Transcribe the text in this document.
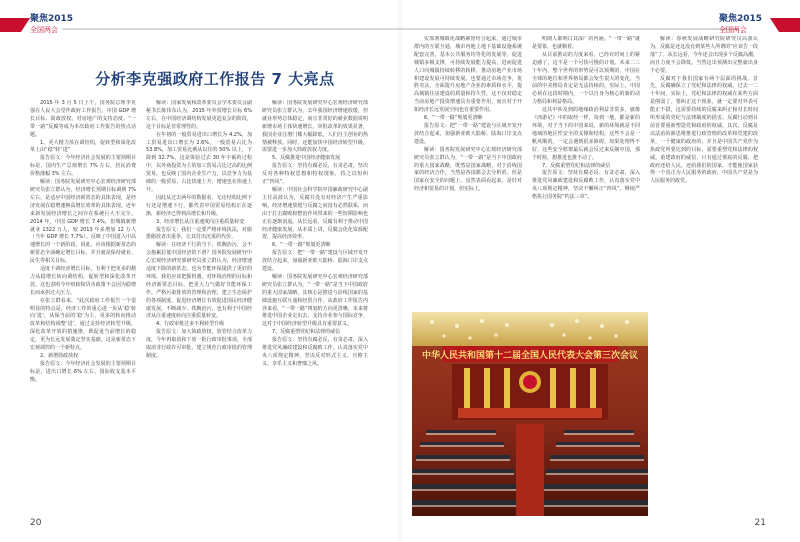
聚焦2015
全国两会
分析李克强政府工作报告 7 大亮点

2015 年 3 月 5 日上午，国务院总理李克强在人民大会堂作政府工作报告，中国 GDP 增长目标、简政放权、对房地产的支持态度、“一带一路”反腐等成为本次政府工作报告的热点话题。

1、更大精力放在调结构，促转型和深化改革上由“稳”转“进”

报告原文：今年经济社会发展的主要预期目标是，国内生产总值增长 7% 左右，居民消费价格涨幅 3% 左右。

解读：国务院发展研究中心宏观经济研究部研究员张立群认为，经济增长预期目标调到 7% 左右，是适应中国经济新常态的具体表现，是经济发展在稳增速换高增长效率的具体表现。近年来新发展经济增长之间存在系统巨大不完全。2014 年，中国 GDP 增长 7.4%，但城镇新增就业 1322 万人，较 2013 年多增加 12 万人（当年 GDP 增长 7.7%）。反映了中国进入中高速增长的一个新阶段。因此，应该根据新常态的新常态全面确定增长目标，并且就是保持就业、民生等相关目标。

适度下调经济增长目标，有利于把更多的精力从稳增长转向调结构，促转型和深化改革开放。这也表明今年财政和货币政策不会因为稳增长而承担过大压力。

在张立群看来，“此次政府工作报告一个很明显的特点是，经济工作的重心进一步从‘稳’转向‘进’，从保当前的‘稳’为主，更多的转向推动改革和结构调整‘进’。通过支持经济转型升级，深化改革开放的措施推，既促进当前增长的稳定，更为长远发展奠定坚实基础。这是新常态下宏观调控的一个新特点。

2、新增简政放权

报告原文：今年经济社会发展的主要预期目标是，进出口增长 6% 左右，国际收支基本平衡。

解读：国家发展和改革委员会学术委员会副秘书长陈伟东认为，2015 年外贸增长目标 6% 左右，在中国经济调结构发展更趋复杂的阶段，这个目标是非常理性的。

在年初的一般贸易进出口增长为 4.2%，加工贸易进出口增长为 2.6%，一般贸易占比为 53.8%，加工贸易比例从以往的 50% 以上，下降到 32.7%。这是体验过去 30 年丰硕的过程中，以外商投资为主的加工贸易占比过高的比例贸易，也反映了国内企业生产力，以竞争力为基础的一般贸易，占比快速上升，增速也在快速上升。

因此从过去两年的数据看，无论结构比例下行还是增速下行，都代表中国贸易结构正在逐渐，新经济已得到高增长和升级。

3、经济增长从注重速度向注重质量转变

报告原文：我们一定要严格环境执法，对偷排偷放者出重拳，让其付出沉重的代价。

解读：在经济下行的当下，铁腕治污，会不会拖累拉低中国经济的下滑？国务院发展研究中心宏观经济研究部研究员张立群认为，经济增速适度下降的新常态，也为节能环保提供了更好的环境。我们应该把握机遇，对环境治理的目标和经济新常态目标，把更大力气做好节能环保工作。严格污染排放的管理和治理，建立生态保护的各项制度，促进经济增长有效促进国民经济健康发展，不断减少，铁腕治污，也有利于中国经济从注重速度转向注重质量转变。

4、行政审批过多不利转型升级

报告原文：加大简政放权，放管结合改革力度，今年再取消和下放一批行政审批事项，全部取消非行政许可审批，建立规范行政审批的管理制度。

解读：国务院发展研究中心宏观经济研究部研究员张立群认为，去年我国经济增速放缓，但就业形势总体稳定，而且非常好的就业数据说明新增市场主体快速增长。审批改革的效果显著，我国企业注册门槛大幅降低，人们自主创业的热情被释放。同时，还能加快中国经济转型升级，需要进一步加大简政放权力度。

5、反腐推进中国经济健康发展

报告原文：坚持有腐必反、有贪必肃，坚决反对各种特权思想和特权现象，持之以恒纠正“四风”。

解读：中国社会科学院中国廉政研究中心副主任高波认为，反腐并没有对经济产生严重影响。经济增速放缓与反腐之间没有必然联系，而由于打击腐败和整治作风带来的一些短期影响也正在逐渐消退。从长远看，反腐有利于推动中国经济健康发展，从本质上讲，反腐会优化资源配置，提高经济效率。

6、“一带一路”规划更清晰

报告原文：把“一带一路”建设与区域开发开放结合起来，加强新亚欧大陆桥、陆海口岸支点建设。

解读：国务院发展研究中心宏观经济研究部研究员张立群认为，“一带一路”是当下中国政府的重大国家战略，其核心是推进与沿线国家的基础设施互联互通和经贸合作。从政府工作报告内容来看，“一带一路”规划的方向更清晰，未来将推进中国企业走出去，支持企业参与国际竞争，这对于中国经济转型升级具有重要意义。

7、反腐重塑党纪和法律的威信

报告原文：坚持有腐必反、有贪必肃，深入推进党风廉政建设和反腐败工作。认真落实党中央八项规定精神，坚决反对形式主义、官僚主义、享乐主义和奢靡之风。

20
聚焦2015
全国两会

实部署城镇化战略紧密结合起来，通过城市群内的互联互通，城市内地上地下基础设施系统配套完善，基本公共服务均等化的发展等，促进城镇多极支撑，可持续发展能力提高，进而促进人口向城镇持续转移的转移，推动房地产业市场和建设发展可持续发展。也要通过市场竞争，优胜劣汰，全面提升房地产企业的素质和水平，提高城镇住房建设的质量和持久性，这不仅对稳定当前房地产投资增速具有重要作用，而且对于开拓经济长远发展空间也有重要作用。

6、“一带一路”规划更清晰

报告原文：把“一带一路”建设与区域开发开放结合起来，加强新亚欧大陆桥、陆海口岸支点建设。

解读：国务院发展研究中心宏观经济研究部研究员张立群认为，“一带一路”是当下中国政府的重大国家战略，既然是国家战略，对于沿线国家的经济合作，当然是各国都会去分析的。但是国家在安全的问题上，虽然表面看起来，是针对经济和贸易的计划，但实际上，

明朗人都明白其深厂的内涵。“一带一路”就是要靠，也就顺着。

从目前推动的力度来看，已经有时间上的紧迫感了，这不是一个可快可慢的计划。未来二三十年内，整个世界的形势是可以预期的，中国在全球的地位和世界格局都会发生很大的变化，当前的中美格局肯定是无法持续的，实际上，中国必须在这段时期内，一个以自身为核心的新的动力格局和利益格局。

这其中涉及到的地缘政治利益非常多，就像《西游记》中的取经一样，每到一地，都是新的环境，对于当下的中国来说，新的环境就是不同地域的地区性安全的支撑和结构，这些不会是一帆风顺的，一定会遇到很多障碍，如果处理得不好，这些安全框架最后就会反过来反制中国，那个时候，想推进也推不动了。

7、反腐重塑党纪和法律的威信

报告原文：坚持有腐必反、有贪必肃，深入推进党风廉政建设和反腐败工作，认真落实党中央八项规定精神，坚决不懈纠正“四风”。继续严格执行国务院“约法三章”。

解读：春秋发展战略研究院研究员高波认为，反腐是还这没有到某些人所谓的“应该告一段落”了。从长远看，今年还会出现多个反腐高潮，而且力度不会降低。当然这出预测出完整就出身个必要。

反腐对于我们国家有两个层面的挑战。首先，反腐确保立了党纪和法律的权威。过去一二十年间，实际上，党纪和法律的权威在某些方面是削弱了。要纠正这个现象，就一定要对外表可能正不措，这需要持续的反腐来纠正和对长时间所形成的党纪与法律制度的损害。反腐行动到目前首要重新塑造党和政府的权威。其次，反腐是以法治的新思维推进行政管理的改革和党建的改革，一个健康的政府的，并且是中国共产党作为执政党所要达到的目标，需要重塑党和法律的权威。重建政府的威信，只有通过彻底的反腐，把政府还给人民，还给我们的国家，才能使国家获得一个真正为人民服务的政府，中国共产党是为人民服务的政党。

中华人民共和国第十二届全国人民代表大会第三次会议
21
